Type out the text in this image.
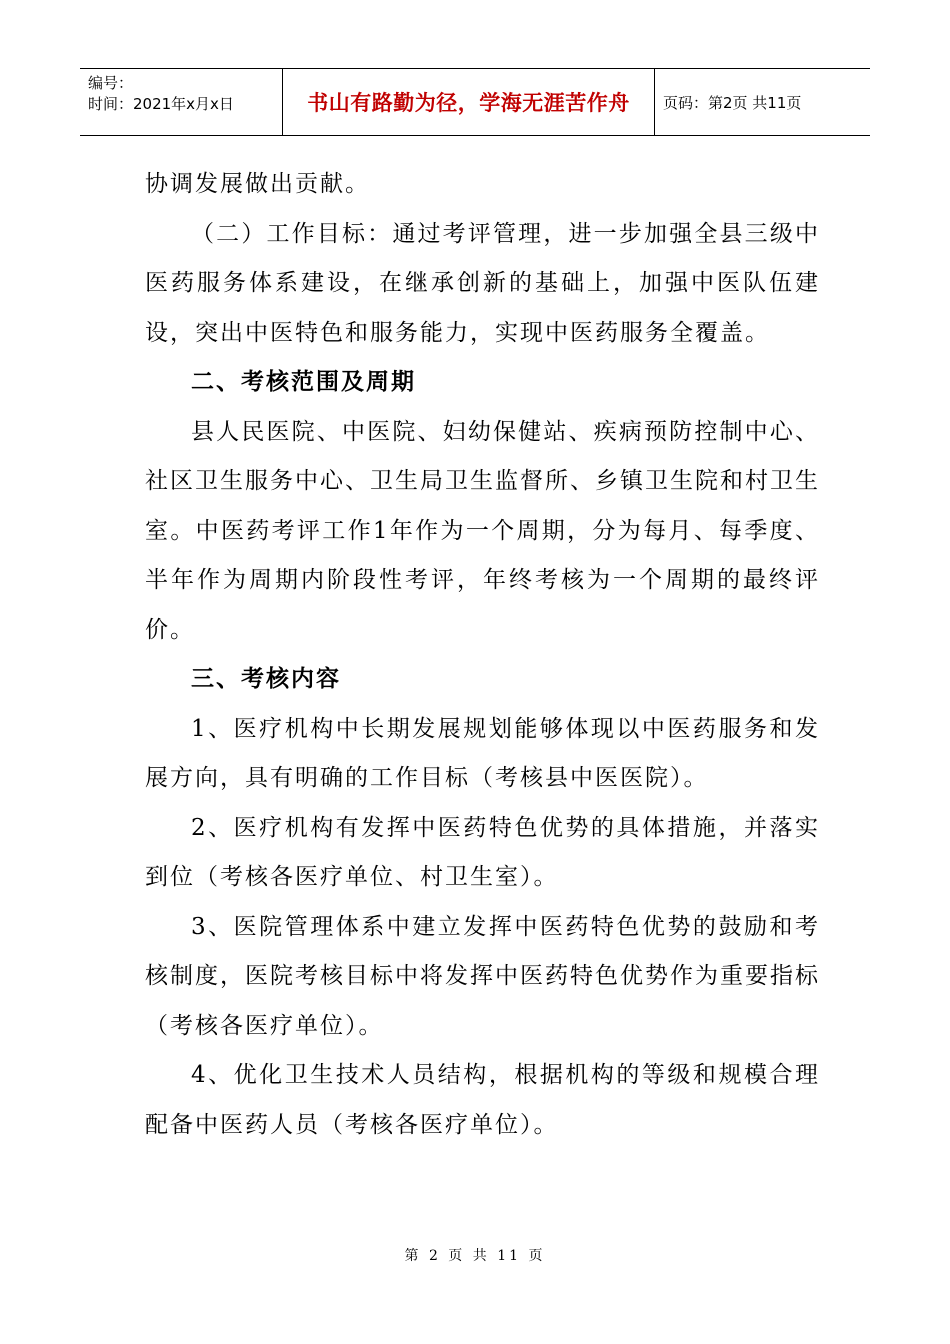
编号：
时间：2021年x月x日	书山有路勤为径，学海无涯苦作舟 页码：第2页 共11页

协调发展做出贡献。

（二）工作目标：通过考评管理，进一步加强全县三级中医药服务体系建设，在继承创新的基础上，加强中医队伍建设，突出中医特色和服务能力，实现中医药服务全覆盖。

二、考核范围及周期

县人民医院、中医院、妇幼保健站、疾病预防控制中心、社区卫生服务中心、卫生局卫生监督所、乡镇卫生院和村卫生室。中医药考评工作1年作为一个周期，分为每月、每季度、半年作为周期内阶段性考评，年终考核为一个周期的最终评价。

三、考核内容

1、医疗机构中长期发展规划能够体现以中医药服务和发展方向，具有明确的工作目标（考核县中医医院）。

2、医疗机构有发挥中医药特色优势的具体措施，并落实到位（考核各医疗单位、村卫生室）。

3、医院管理体系中建立发挥中医药特色优势的鼓励和考核制度，医院考核目标中将发挥中医药特色优势作为重要指标（考核各医疗单位）。

4、优化卫生技术人员结构，根据机构的等级和规模合理配备中医药人员（考核各医疗单位）。

第 2 页 共 11 页
